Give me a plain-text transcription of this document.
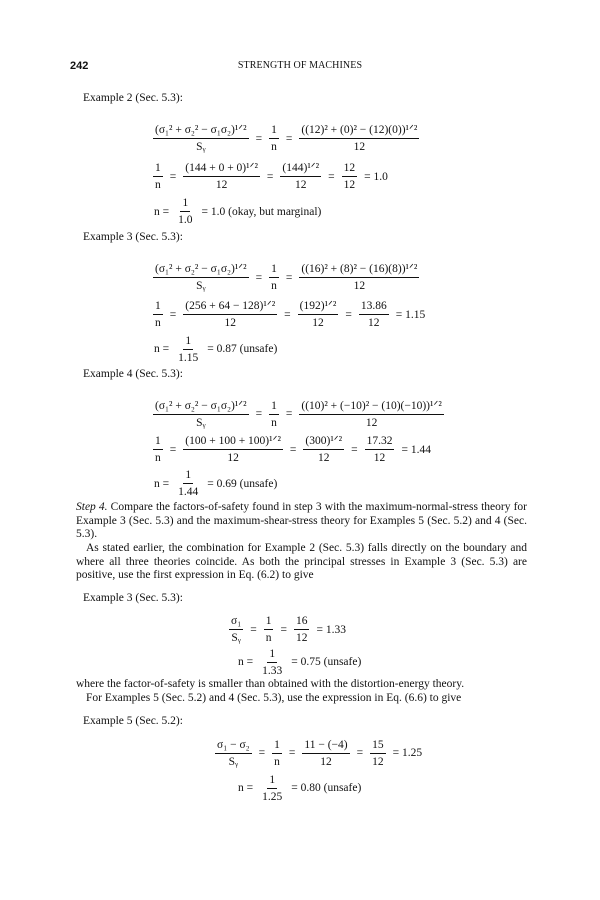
STRENGTH OF MACHINES
242
Example 2 (Sec. 5.3):
$\frac{\text{(σ₁² + σ₂² − σ₁σ₂)¹ᐟ²}}{\text{Sᵧ}} = \frac{1}{n} = \frac{\text{((12)² + (0)² − (12)(0))¹ᐟ²}}{12}$
$\frac{1}{n} = \frac{\text{(144 + 0 + 0)¹ᐟ²}}{12} = \frac{\text{(144)¹ᐟ²}}{12} = \frac{12}{12} = 1.0$
$n = \frac{1}{1.0} = 1.0$ (okay, but marginal)
Example 3 (Sec. 5.3):
$\frac{\text{(σ₁² + σ₂² − σ₁σ₂)¹ᐟ²}}{\text{Sᵧ}} = \frac{1}{n} = \frac{\text{((16)² + (8)² − (16)(8))¹ᐟ²}}{12}$
$\frac{1}{n} = \frac{\text{(256 + 64 − 128)¹ᐟ²}}{12} = \frac{\text{(192)¹ᐟ²}}{12} = \frac{13.86}{12} = 1.15$
$n = \frac{1}{1.15} = 0.87$ (unsafe)
Example 4 (Sec. 5.3):
$\frac{\text{(σ₁² + σ₂² − σ₁σ₂)¹ᐟ²}}{\text{Sᵧ}} = \frac{1}{n} = \frac{\text{((10)² + (−10)² − (10)(−10))¹ᐟ²}}{12}$
$\frac{1}{n} = \frac{\text{(100 + 100 + 100)¹ᐟ²}}{12} = \frac{\text{(300)¹ᐟ²}}{12} = \frac{17.32}{12} = 1.44$
$n = \frac{1}{1.44} = 0.69$ (unsafe)
Step 4. Compare the factors-of-safety found in step 3 with the maximum-normal-stress theory for Example 3 (Sec. 5.3) and the maximum-shear-stress theory for Examples 5 (Sec. 5.2) and 4 (Sec. 5.3).
As stated earlier, the combination for Example 2 (Sec. 5.3) falls directly on the boundary and where all three theories coincide. As both the principal stresses in Example 3 (Sec. 5.3) are positive, use the first expression in Eq. (6.2) to give
Example 3 (Sec. 5.3):
$\frac{\text{σ₁}}{\text{Sᵧ}} = \frac{1}{n} = \frac{16}{12} = 1.33$
$n = \frac{1}{1.33} = 0.75$ (unsafe)
where the factor-of-safety is smaller than obtained with the distortion-energy theory.
For Examples 5 (Sec. 5.2) and 4 (Sec. 5.3), use the expression in Eq. (6.6) to give
Example 5 (Sec. 5.2):
$\frac{\text{σ₁ − σ₂}}{\text{Sᵧ}} = \frac{1}{n} = \frac{11 - (-4)}{12} = \frac{15}{12} = 1.25$
$n = \frac{1}{1.25} = 0.80$ (unsafe)
